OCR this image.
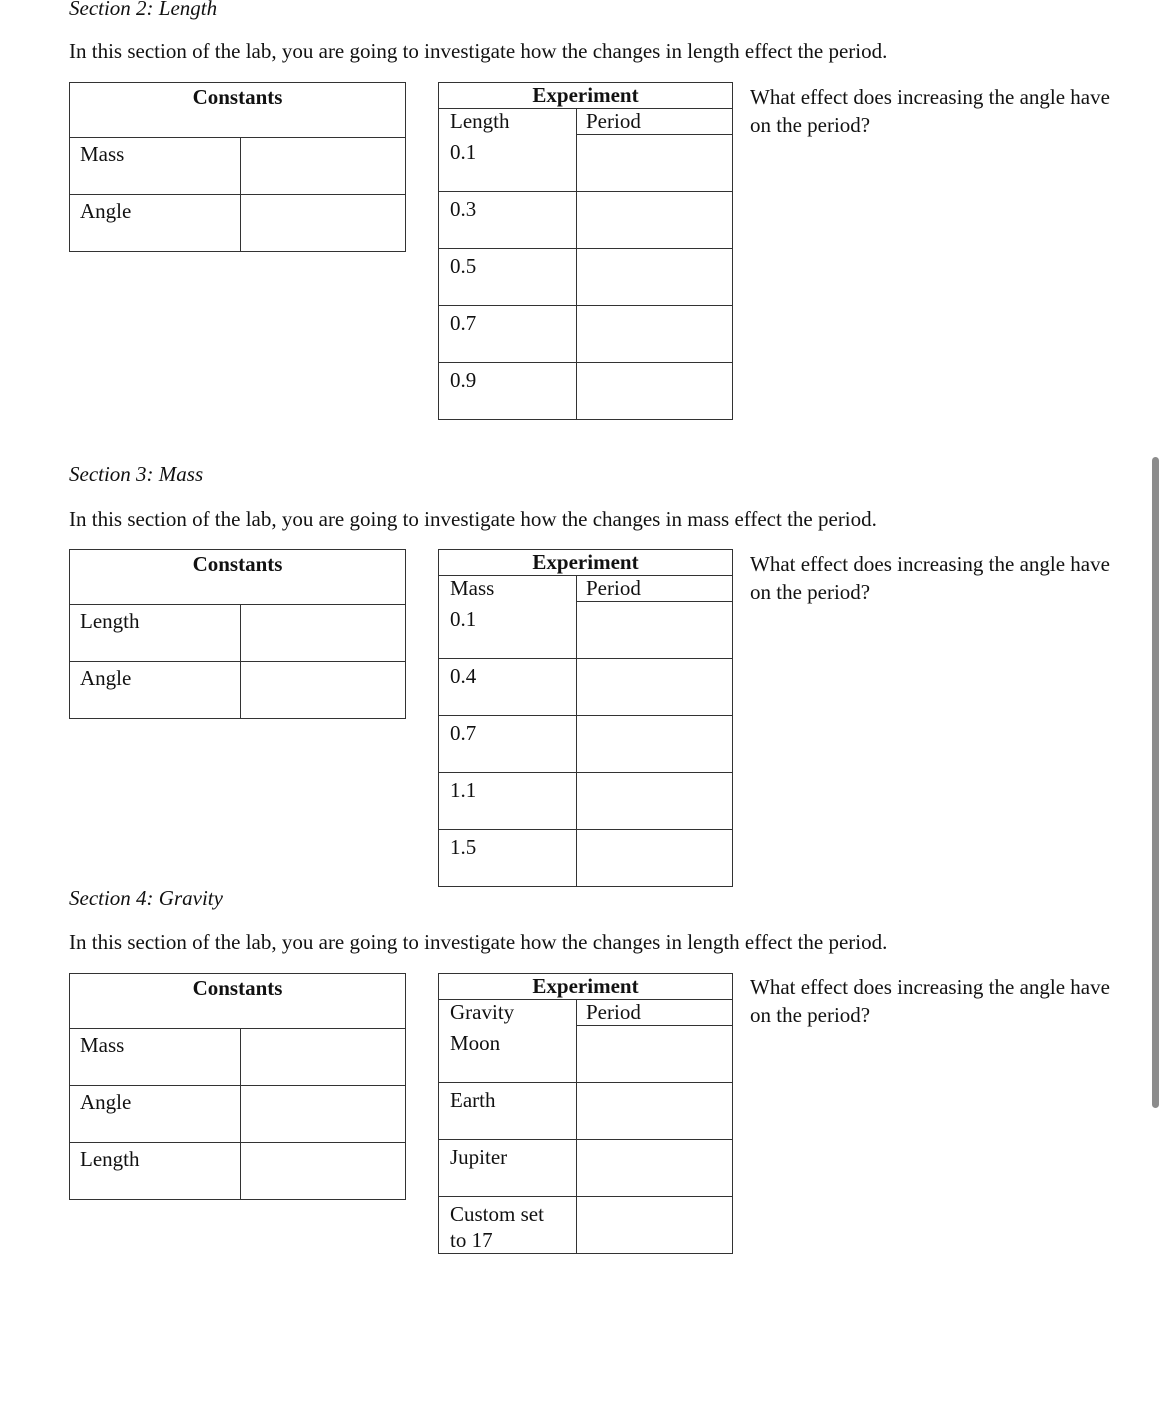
Section 2: Length
In this section of the lab, you are going to investigate how the changes in length effect the period.
Constants	
Mass	
Angle	
Experiment	
Length	Period
0.1	
0.3	
0.5	
0.7	
0.9	
What effect does increasing the angle have on the period?
Section 3: Mass
In this section of the lab, you are going to investigate how the changes in mass effect the period.
Constants	
Length	
Angle	
Experiment	
Mass	Period
0.1	
0.4	
0.7	
1.1	
1.5	
What effect does increasing the angle have on the period?
Section 4: Gravity
In this section of the lab, you are going to investigate how the changes in length effect the period.
Constants	
Mass	
Angle	
Length	
Experiment	
Gravity	Period
Moon	
Earth	
Jupiter	
Custom set to 17	
What effect does increasing the angle have on the period?
